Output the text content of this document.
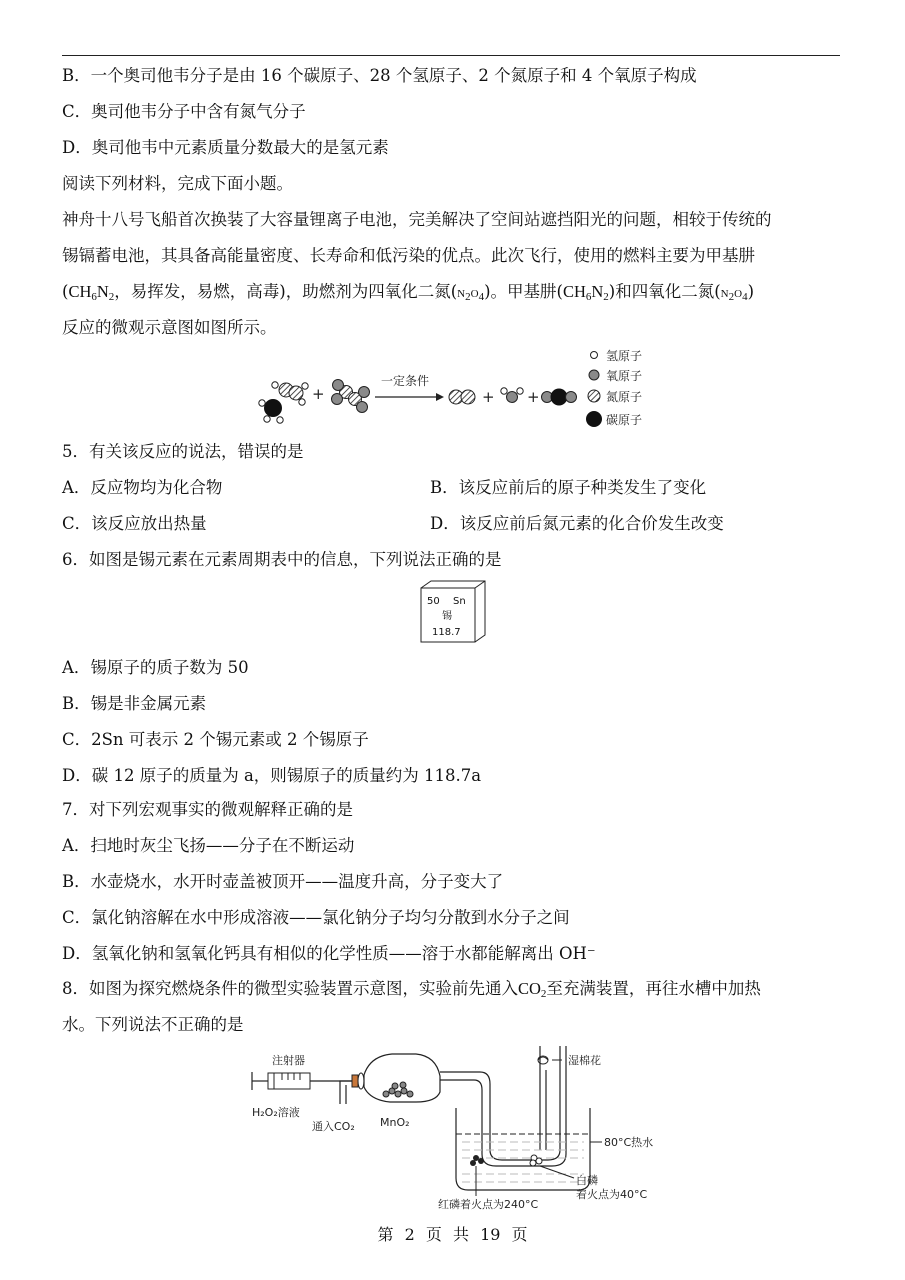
B．一个奥司他韦分子是由 16 个碳原子、28 个氢原子、2 个氮原子和 4 个氧原子构成
C．奥司他韦分子中含有氮气分子
D．奥司他韦中元素质量分数最大的是氢元素
阅读下列材料，完成下面小题。
神舟十八号飞船首次换装了大容量锂离子电池，完美解决了空间站遮挡阳光的问题，相较于传统的
锡镉蓄电池，其具备高能量密度、长寿命和低污染的优点。此次飞行，使用的燃料主要为甲基肼
($CH_6N_2$，易挥发，易燃，高毒)，助燃剂为四氧化二氮$(N_2O_4)$。甲基肼$(CH_6N_2)$和四氧化二氮$(N_2O_4)$
反应的微观示意图如图所示。
+
一定条件
+ +
氢原子
氧原子
氮原子
碳原子
5．有关该反应的说法，错误的是
A．反应物均为化合物	B．该反应前后的原子种类发生了变化
C．该反应放出热量	D．该反应前后氮元素的化合价发生改变
6．如图是锡元素在元素周期表中的信息，下列说法正确的是
50 Sn
锡
118.7
A．锡原子的质子数为 50
B．锡是非金属元素
C．2Sn 可表示 2 个锡元素或 2 个锡原子
D．碳 12 原子的质量为 a，则锡原子的质量约为 118.7a
7．对下列宏观事实的微观解释正确的是
A．扫地时灰尘飞扬——分子在不断运动
B．水壶烧水，水开时壶盖被顶开——温度升高，分子变大了
C．氯化钠溶解在水中形成溶液——氯化钠分子均匀分散到水分子之间
D．氢氧化钠和氢氧化钙具有相似的化学性质——溶于水都能解离出 OH⁻
8．如图为探究燃烧条件的微型实验装置示意图，实验前先通入$CO_2$至充满装置，再往水槽中加热
水。下列说法不正确的是
注射器
H₂O₂溶液
通入CO₂ MnO₂
湿棉花
80°C热水
红磷着火点为240°C
白磷
着火点为40°C
第 2 页 共 19 页
